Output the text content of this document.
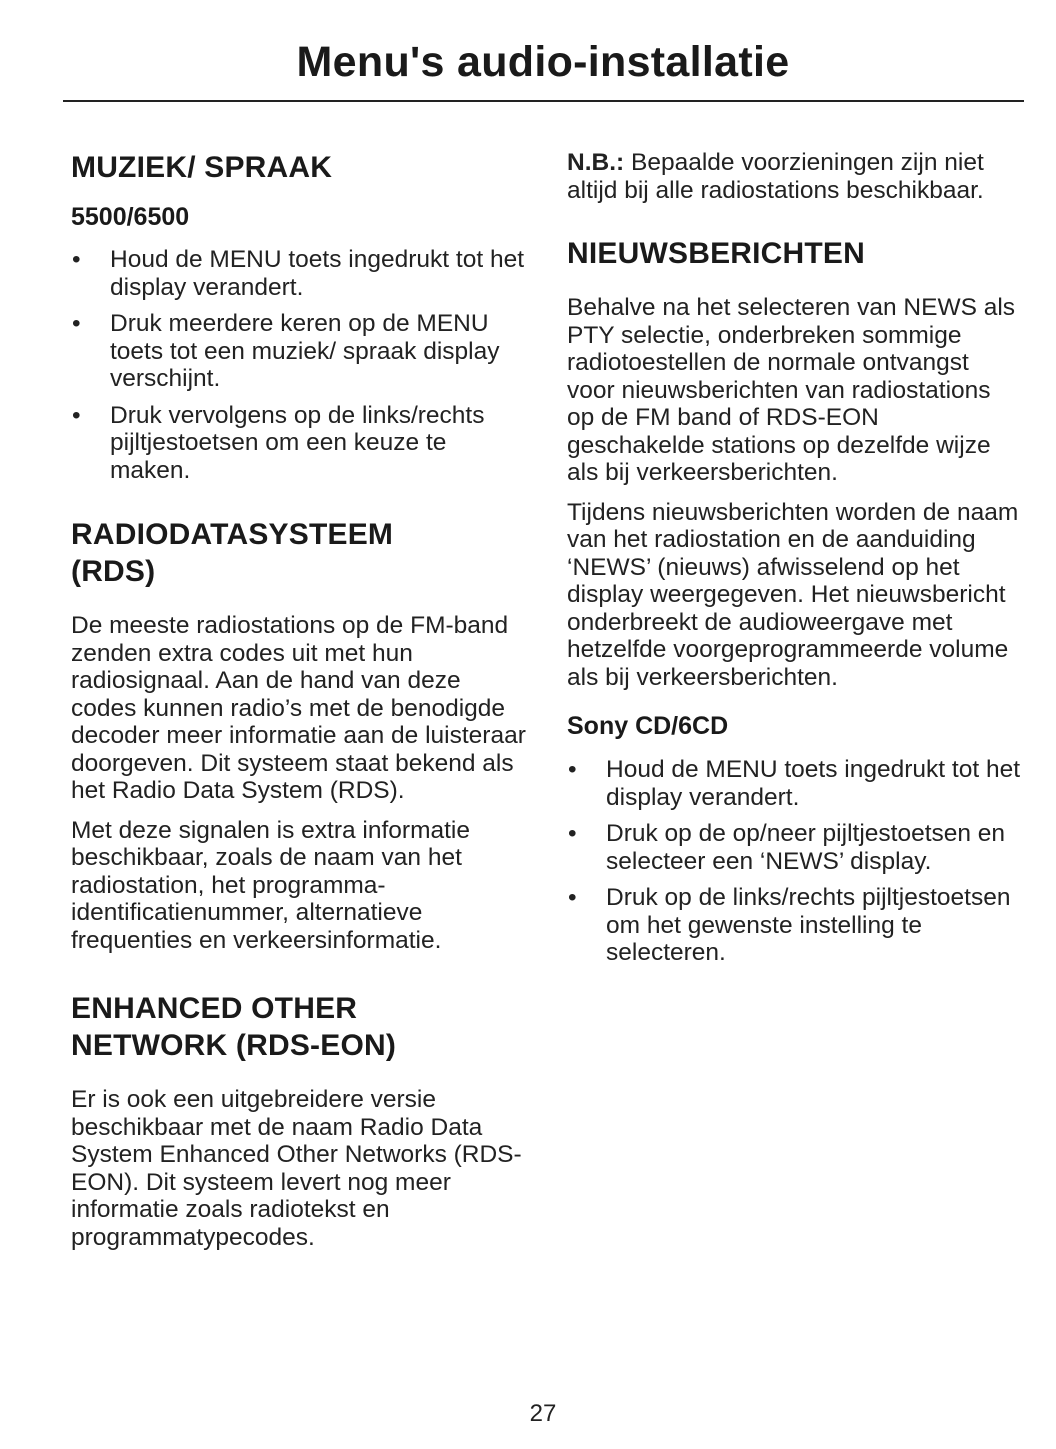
Menu's audio-installatie
MUZIEK/ SPRAAK
5500/6500
• Houd de MENU toets ingedrukt tot het display verandert.
• Druk meerdere keren op de MENU toets tot een muziek/ spraak display verschijnt.
• Druk vervolgens op de links/rechts pijltjestoetsen om een keuze te maken.
RADIODATASYSTEEM
(RDS)

De meeste radiostations op de FM-band zenden extra codes uit met hun radiosignaal. Aan de hand van deze codes kunnen radio’s met de benodigde decoder meer informatie aan de luisteraar doorgeven. Dit systeem staat bekend als het Radio Data System (RDS).

Met deze signalen is extra informatie beschikbaar, zoals de naam van het radiostation, het programma-identificatienummer, alternatieve frequenties en verkeersinformatie.

ENHANCED OTHER
NETWORK (RDS-EON)

Er is ook een uitgebreidere versie beschikbaar met de naam Radio Data System Enhanced Other Networks (RDS-EON). Dit systeem levert nog meer informatie zoals radiotekst en programmatypecodes.

N.B.: Bepaalde voorzieningen zijn niet altijd bij alle radiostations beschikbaar.

NIEUWSBERICHTEN

Behalve na het selecteren van NEWS als PTY selectie, onderbreken sommige radiotoestellen de normale ontvangst voor nieuwsberichten van radiostations op de FM band of RDS-EON geschakelde stations op dezelfde wijze als bij verkeersberichten.

Tijdens nieuwsberichten worden de naam van het radiostation en de aanduiding ‘NEWS’ (nieuws) afwisselend op het display weergegeven. Het nieuwsbericht onderbreekt de audioweergave met hetzelfde voorgeprogrammeerde volume als bij verkeersberichten.

Sony CD/6CD
• Houd de MENU toets ingedrukt tot het display verandert.
• Druk op de op/neer pijltjestoetsen en selecteer een ‘NEWS’ display.
• Druk op de links/rechts pijltjestoetsen om het gewenste instelling te selecteren.
27
